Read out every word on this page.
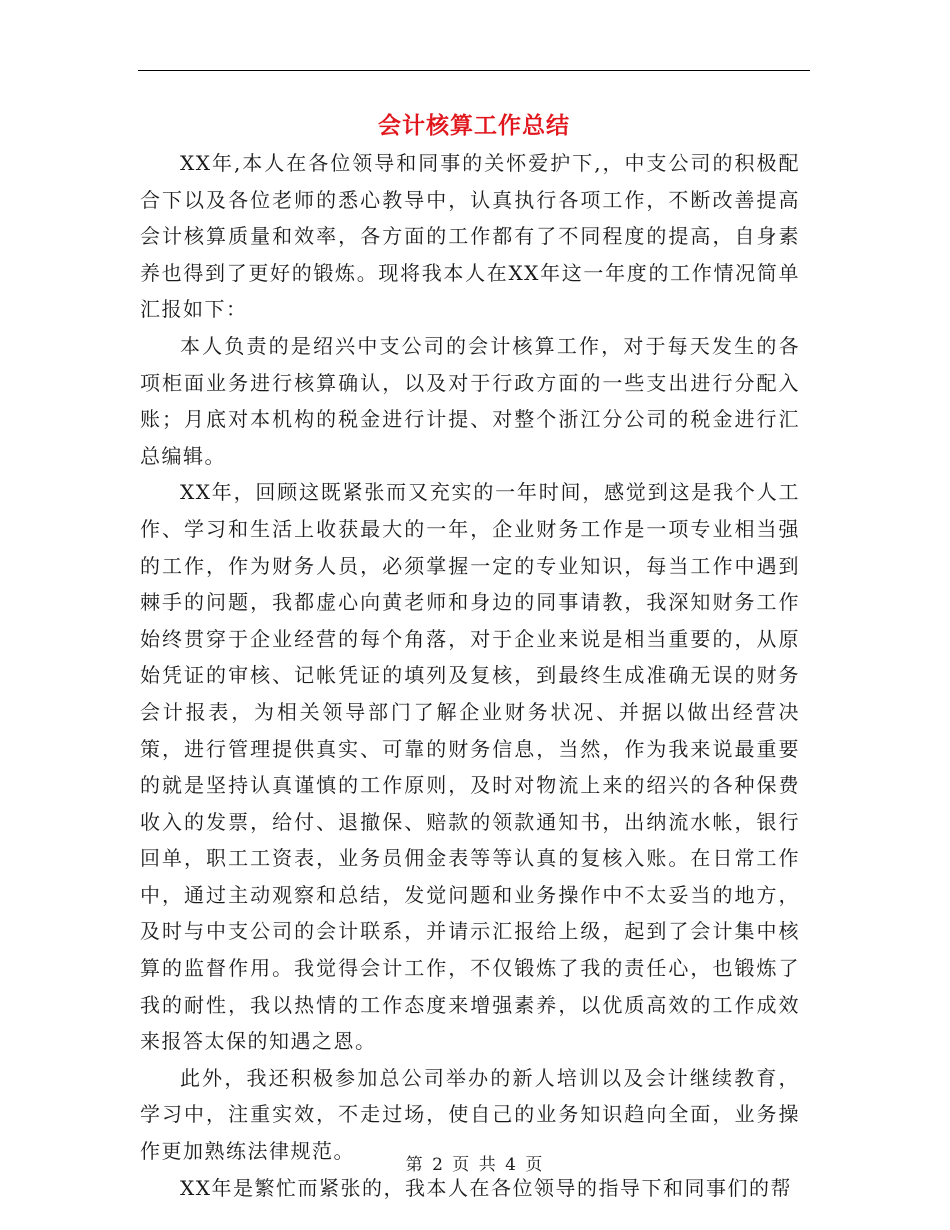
会计核算工作总结

XX年,本人在各位领导和同事的关怀爱护下,，中支公司的积极配合下以及各位老师的悉心教导中，认真执行各项工作，不断改善提高会计核算质量和效率，各方面的工作都有了不同程度的提高，自身素养也得到了更好的锻炼。现将我本人在XX年这一年度的工作情况简单汇报如下：

本人负责的是绍兴中支公司的会计核算工作，对于每天发生的各项柜面业务进行核算确认，以及对于行政方面的一些支出进行分配入账；月底对本机构的税金进行计提、对整个浙江分公司的税金进行汇总编辑。

XX年，回顾这既紧张而又充实的一年时间，感觉到这是我个人工作、学习和生活上收获最大的一年，企业财务工作是一项专业相当强的工作，作为财务人员，必须掌握一定的专业知识，每当工作中遇到棘手的问题，我都虚心向黄老师和身边的同事请教，我深知财务工作始终贯穿于企业经营的每个角落，对于企业来说是相当重要的，从原始凭证的审核、记帐凭证的填列及复核，到最终生成准确无误的财务会计报表，为相关领导部门了解企业财务状况、并据以做出经营决策，进行管理提供真实、可靠的财务信息，当然，作为我来说最重要的就是坚持认真谨慎的工作原则，及时对物流上来的绍兴的各种保费收入的发票，给付、退撤保、赔款的领款通知书，出纳流水帐，银行回单，职工工资表，业务员佣金表等等认真的复核入账。在日常工作中，通过主动观察和总结，发觉问题和业务操作中不太妥当的地方，及时与中支公司的会计联系，并请示汇报给上级，起到了会计集中核算的监督作用。我觉得会计工作，不仅锻炼了我的责任心，也锻炼了我的耐性，我以热情的工作态度来增强素养，以优质高效的工作成效来报答太保的知遇之恩。

此外，我还积极参加总公司举办的新人培训以及会计继续教育，学习中，注重实效，不走过场，使自己的业务知识趋向全面，业务操作更加熟练法律规范。

XX年是繁忙而紧张的，我本人在各位领导的指导下和同事们的帮

第 2 页 共 4 页
